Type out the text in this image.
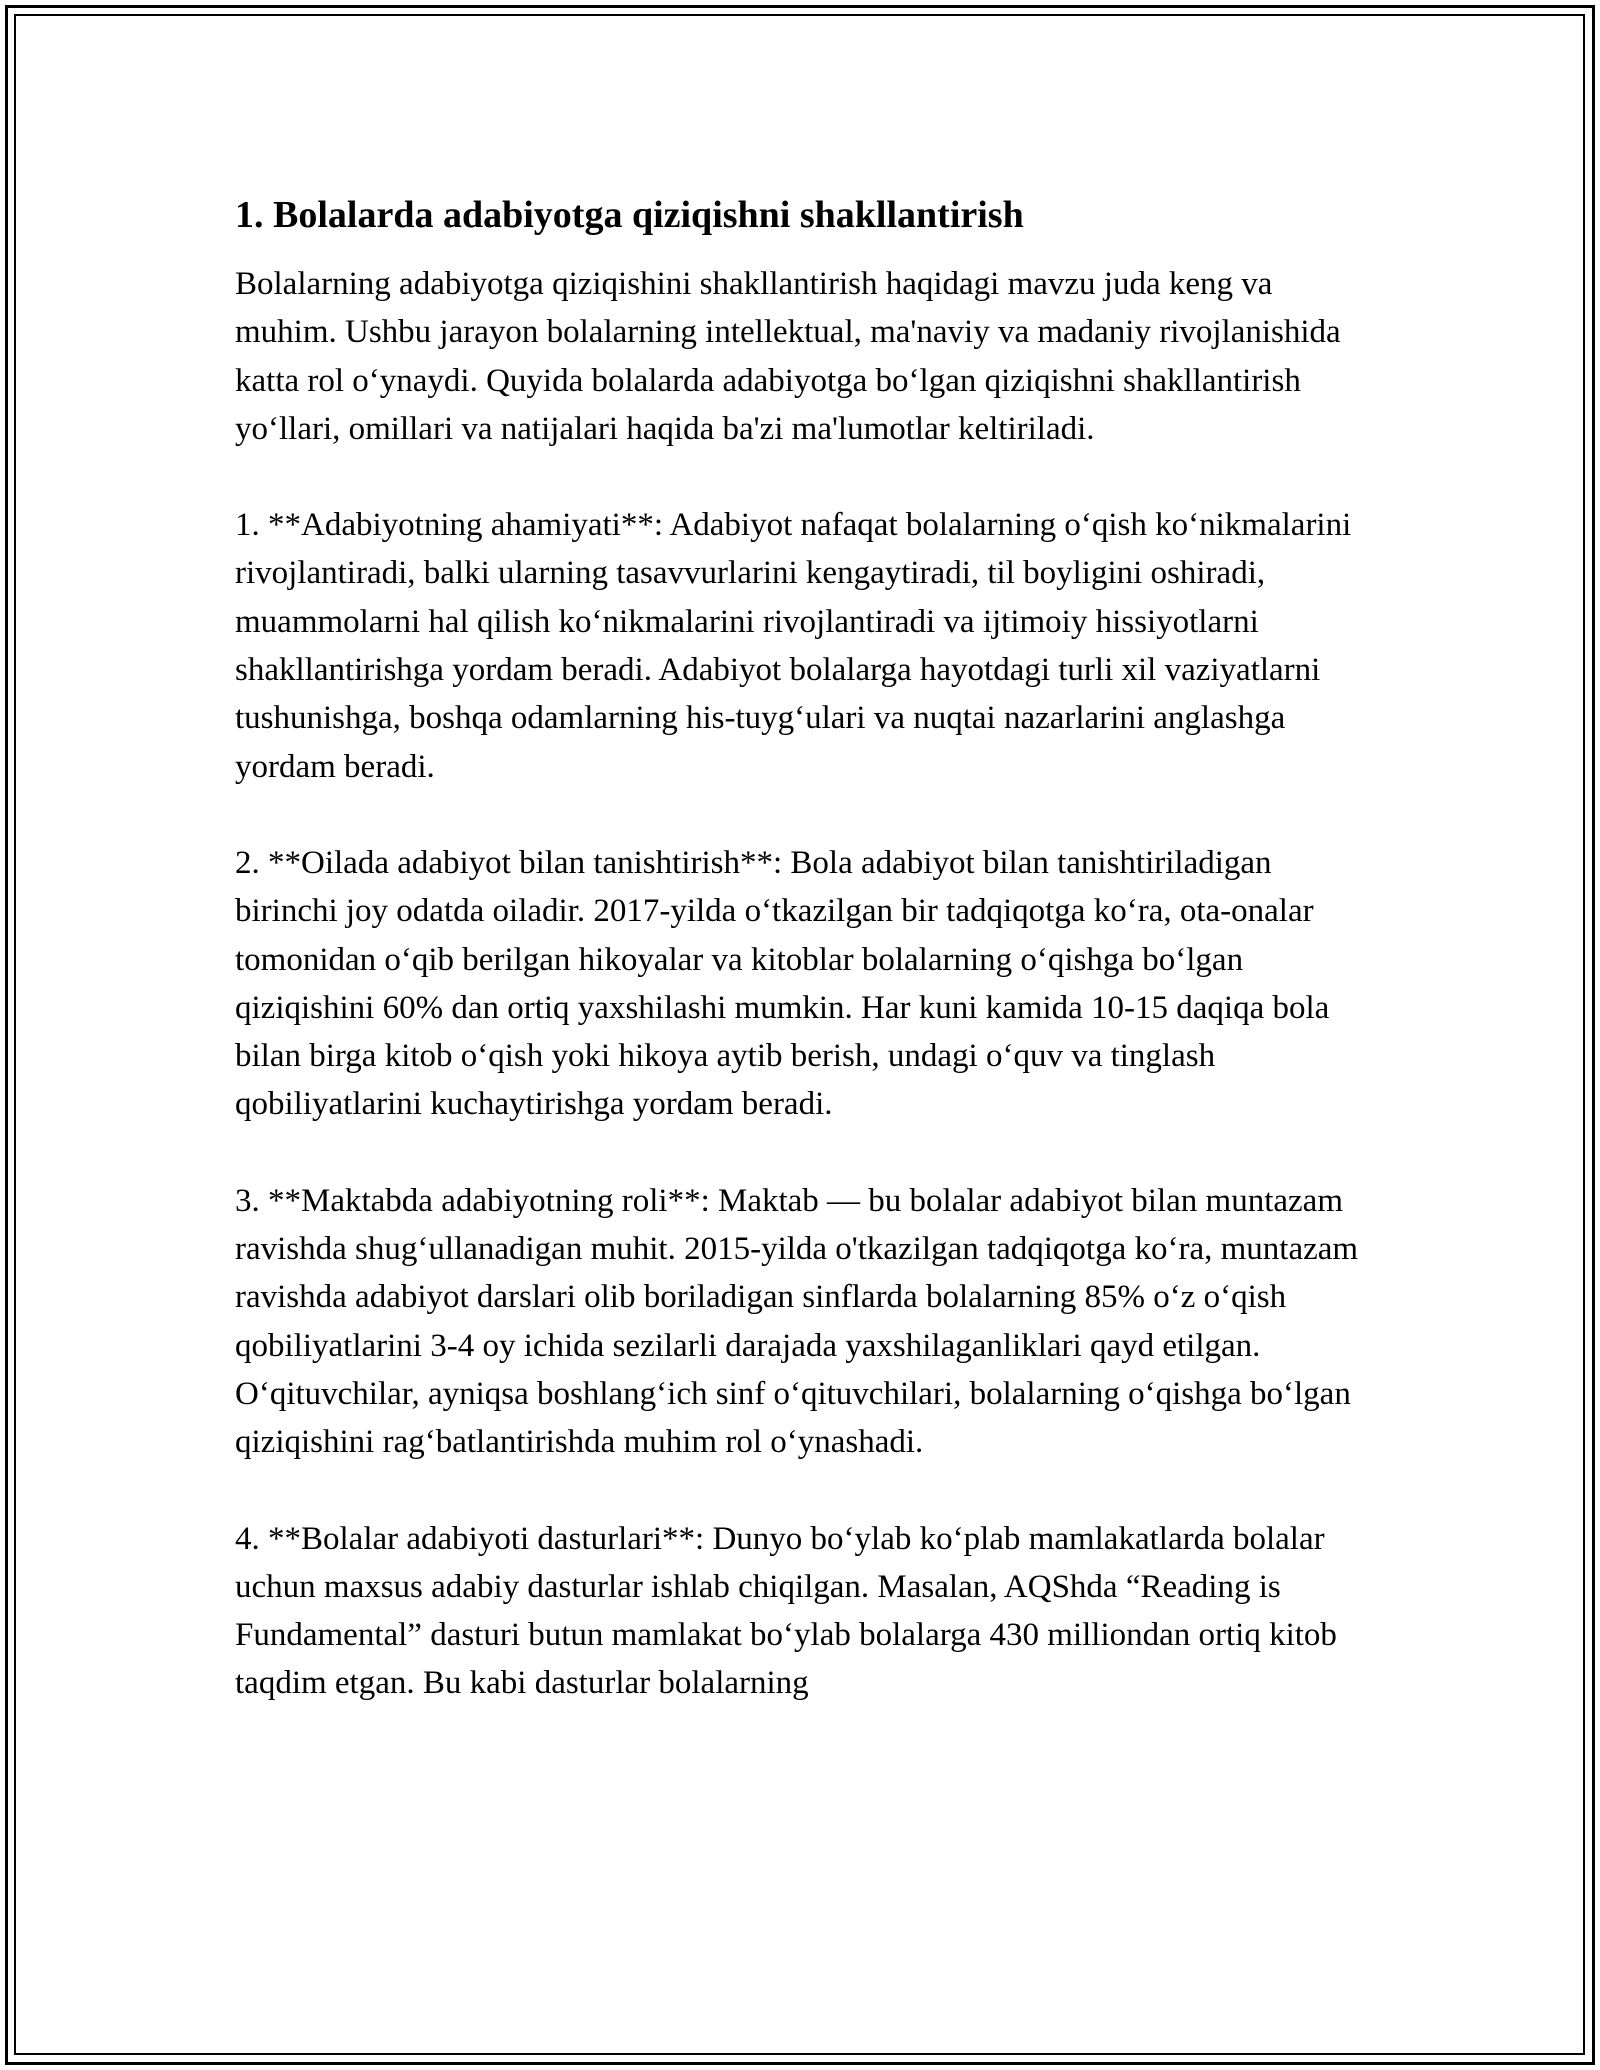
1. Bolalarda adabiyotga qiziqishni shakllantirish

Bolalarning adabiyotga qiziqishini shakllantirish haqidagi mavzu juda keng va muhim. Ushbu jarayon bolalarning intellektual, ma'naviy va madaniy rivojlanishida katta rol oʻynaydi. Quyida bolalarda adabiyotga boʻlgan qiziqishni shakllantirish yoʻllari, omillari va natijalari haqida ba'zi ma'lumotlar keltiriladi.

1. **Adabiyotning ahamiyati**: Adabiyot nafaqat bolalarning oʻqish koʻnikmalarini rivojlantiradi, balki ularning tasavvurlarini kengaytiradi, til boyligini oshiradi, muammolarni hal qilish koʻnikmalarini rivojlantiradi va ijtimoiy hissiyotlarni shakllantirishga yordam beradi. Adabiyot bolalarga hayotdagi turli xil vaziyatlarni tushunishga, boshqa odamlarning his-tuygʻulari va nuqtai nazarlarini anglashga yordam beradi.

2. **Oilada adabiyot bilan tanishtirish**: Bola adabiyot bilan tanishtiriladigan birinchi joy odatda oiladir. 2017-yilda oʻtkazilgan bir tadqiqotga koʻra, ota-onalar tomonidan oʻqib berilgan hikoyalar va kitoblar bolalarning oʻqishga boʻlgan qiziqishini 60% dan ortiq yaxshilashi mumkin. Har kuni kamida 10-15 daqiqa bola bilan birga kitob oʻqish yoki hikoya aytib berish, undagi oʻquv va tinglash qobiliyatlarini kuchaytirishga yordam beradi.

3. **Maktabda adabiyotning roli**: Maktab — bu bolalar adabiyot bilan muntazam ravishda shugʻullanadigan muhit. 2015-yilda o'tkazilgan tadqiqotga koʻra, muntazam ravishda adabiyot darslari olib boriladigan sinflarda bolalarning 85% oʻz oʻqish qobiliyatlarini 3-4 oy ichida sezilarli darajada yaxshilaganliklari qayd etilgan. Oʻqituvchilar, ayniqsa boshlangʻich sinf oʻqituvchilari, bolalarning oʻqishga boʻlgan qiziqishini ragʻbatlantirishda muhim rol oʻynashadi.

4. **Bolalar adabiyoti dasturlari**: Dunyo boʻylab koʻplab mamlakatlarda bolalar uchun maxsus adabiy dasturlar ishlab chiqilgan. Masalan, AQShda “Reading is Fundamental” dasturi butun mamlakat boʻylab bolalarga 430 milliondan ortiq kitob taqdim etgan. Bu kabi dasturlar bolalarning
